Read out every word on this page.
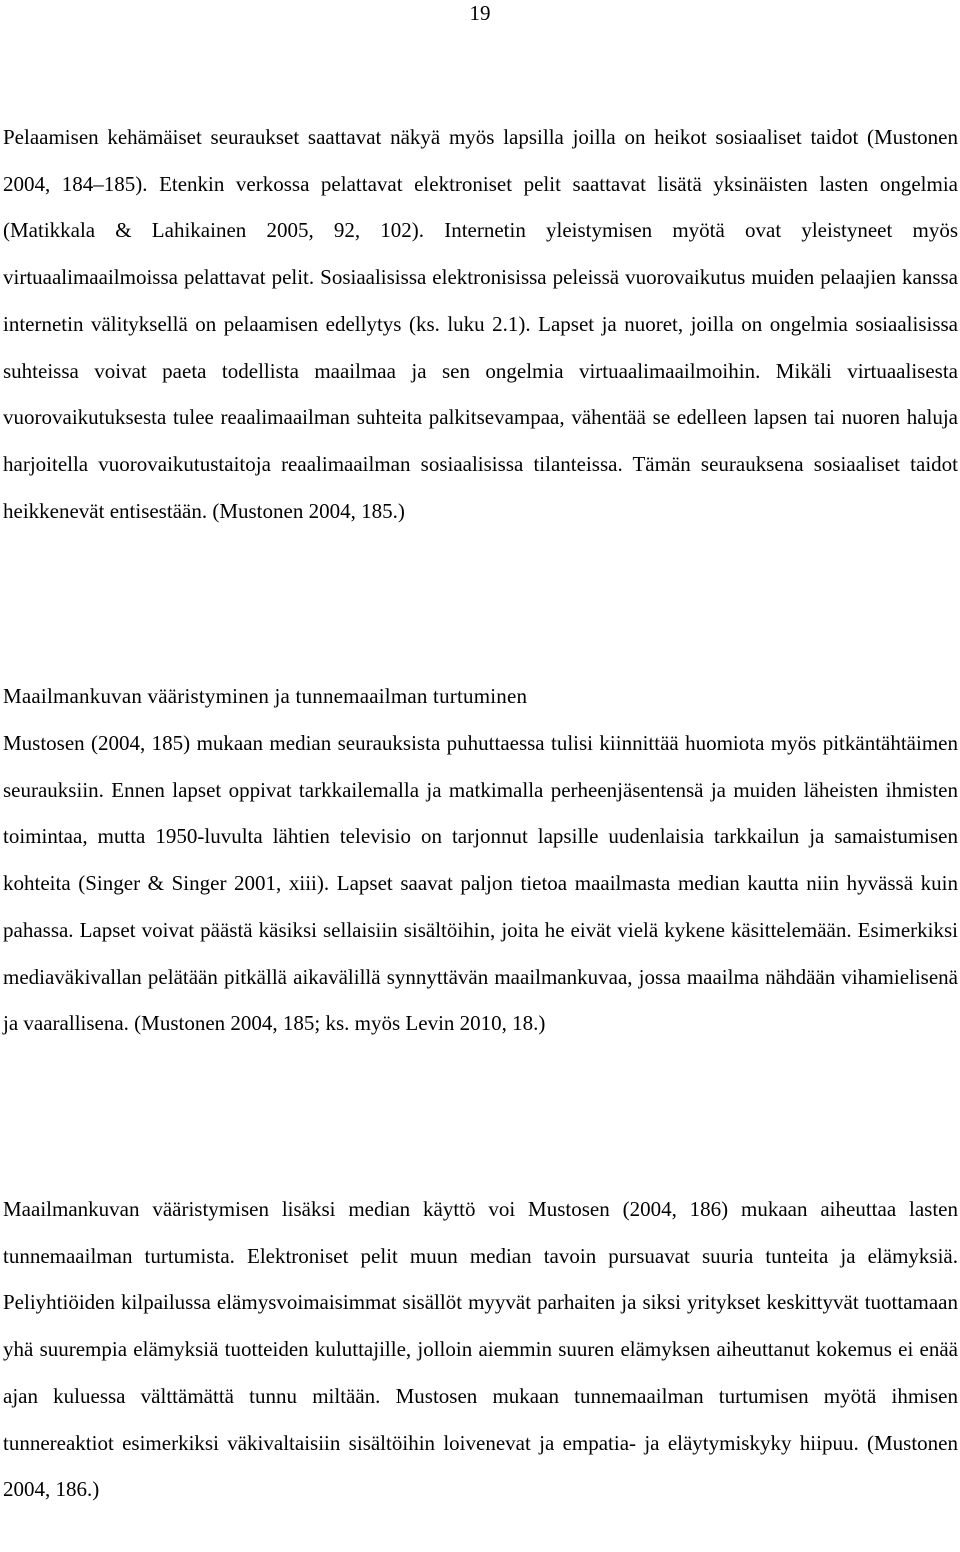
19

Pelaamisen kehämäiset seuraukset saattavat näkyä myös lapsilla joilla on heikot sosiaaliset taidot (Mustonen 2004, 184–185). Etenkin verkossa pelattavat elektroniset pelit saattavat lisätä yksinäisten lasten ongelmia (Matikkala & Lahikainen 2005, 92, 102). Internetin yleistymisen myötä ovat yleistyneet myös virtuaalimaailmoissa pelattavat pelit. Sosiaalisissa elektronisissa peleissä vuorovaikutus muiden pelaajien kanssa internetin välityksellä on pelaamisen edellytys (ks. luku 2.1). Lapset ja nuoret, joilla on ongelmia sosiaalisissa suhteissa voivat paeta todellista maailmaa ja sen ongelmia virtuaalimaailmoihin. Mikäli virtuaalisesta vuorovaikutuksesta tulee reaalimaailman suhteita palkitsevampaa, vähentää se edelleen lapsen tai nuoren haluja harjoitella vuorovaikutustaitoja reaalimaailman sosiaalisissa tilanteissa. Tämän seurauksena sosiaaliset taidot heikkenevät entisestään. (Mustonen 2004, 185.)

Maailmankuvan vääristyminen ja tunnemaailman turtuminen

Mustosen (2004, 185) mukaan median seurauksista puhuttaessa tulisi kiinnittää huomiota myös pitkäntähtäimen seurauksiin. Ennen lapset oppivat tarkkailemalla ja matkimalla perheenjäsentensä ja muiden läheisten ihmisten toimintaa, mutta 1950-luvulta lähtien televisio on tarjonnut lapsille uudenlaisia tarkkailun ja samaistumisen kohteita (Singer & Singer 2001, xiii). Lapset saavat paljon tietoa maailmasta median kautta niin hyvässä kuin pahassa. Lapset voivat päästä käsiksi sellaisiin sisältöihin, joita he eivät vielä kykene käsittelemään. Esimerkiksi mediaväkivallan pelätään pitkällä aikavälillä synnyttävän maailmankuvaa, jossa maailma nähdään vihamielisenä ja vaarallisena. (Mustonen 2004, 185; ks. myös Levin 2010, 18.)

Maailmankuvan vääristymisen lisäksi median käyttö voi Mustosen (2004, 186) mukaan aiheuttaa lasten tunnemaailman turtumista. Elektroniset pelit muun median tavoin pursuavat suuria tunteita ja elämyksiä. Peliyhtiöiden kilpailussa elämysvoimaisimmat sisällöt myyvät parhaiten ja siksi yritykset keskittyvät tuottamaan yhä suurempia elämyksiä tuotteiden kuluttajille, jolloin aiemmin suuren elämyksen aiheuttanut kokemus ei enää ajan kuluessa välttämättä tunnu miltään. Mustosen mukaan tunnemaailman turtumisen myötä ihmisen tunnereaktiot esimerkiksi väkivaltaisiin sisältöihin loivenevat ja empatia- ja eläytymiskyky hiipuu. (Mustonen 2004, 186.)
